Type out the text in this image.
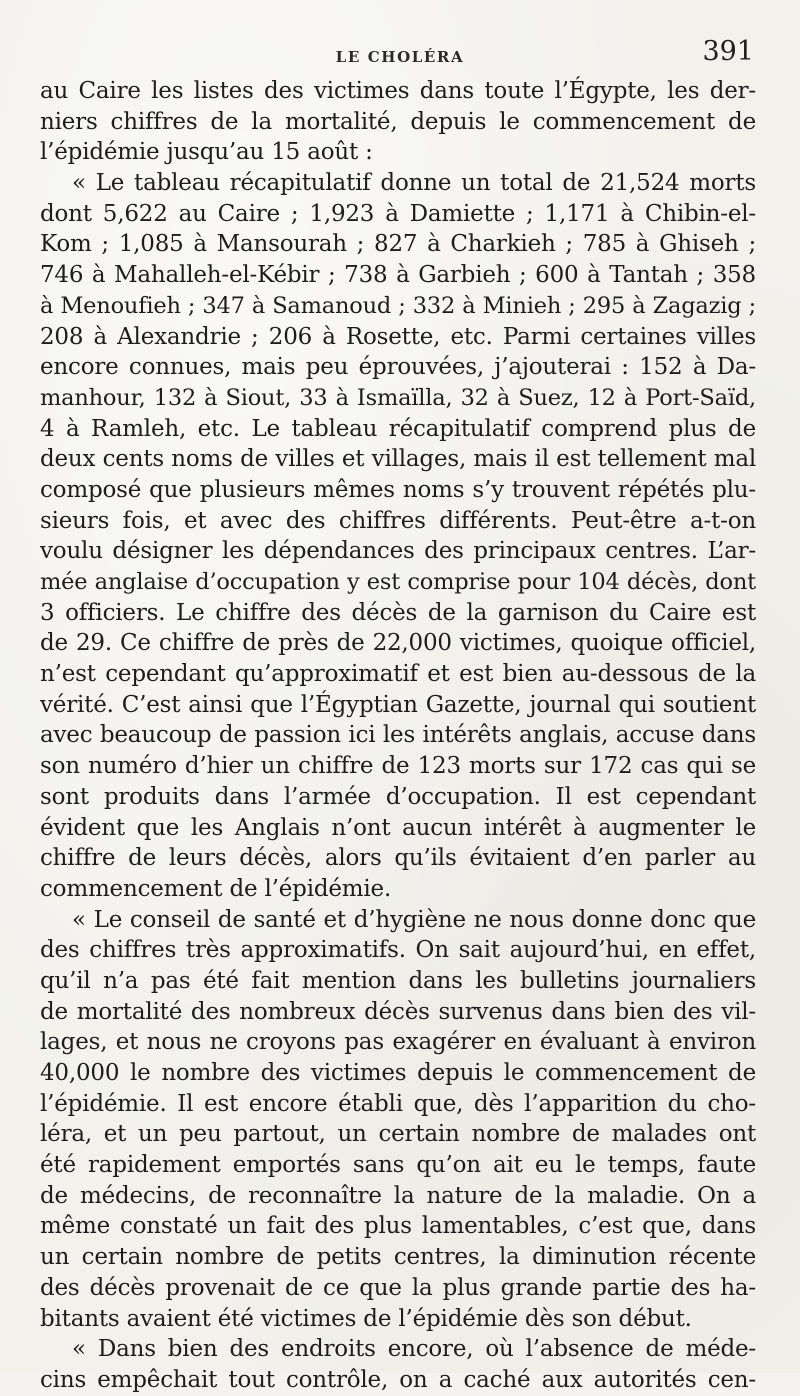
LE CHOLÉRA	391
au Caire les listes des victimes dans toute l’Égypte, les der-
niers chiffres de la mortalité, depuis le commencement de
l’épidémie jusqu’au 15 août :
« Le tableau récapitulatif donne un total de 21,524 morts
dont 5,622 au Caire ; 1,923 à Damiette ; 1,171 à Chibin-el-
Kom ; 1,085 à Mansourah ; 827 à Charkieh ; 785 à Ghiseh ;
746 à Mahalleh-el-Kébir ; 738 à Garbieh ; 600 à Tantah ; 358
à Menoufieh ; 347 à Samanoud ; 332 à Minieh ; 295 à Zagazig ;
208 à Alexandrie ; 206 à Rosette, etc. Parmi certaines villes
encore connues, mais peu éprouvées, j’ajouterai : 152 à Da-
manhour, 132 à Siout, 33 à Ismaïlla, 32 à Suez, 12 à Port-Saïd,
4 à Ramleh, etc. Le tableau récapitulatif comprend plus de
deux cents noms de villes et villages, mais il est tellement mal
composé que plusieurs mêmes noms s’y trouvent répétés plu-
sieurs fois, et avec des chiffres différents. Peut-être a-t-on
voulu désigner les dépendances des principaux centres. L’ar-
mée anglaise d’occupation y est comprise pour 104 décès, dont
3 officiers. Le chiffre des décès de la garnison du Caire est
de 29. Ce chiffre de près de 22,000 victimes, quoique officiel,
n’est cependant qu’approximatif et est bien au-dessous de la
vérité. C’est ainsi que l’Égyptian Gazette, journal qui soutient
avec beaucoup de passion ici les intérêts anglais, accuse dans
son numéro d’hier un chiffre de 123 morts sur 172 cas qui se
sont produits dans l’armée d’occupation. Il est cependant
évident que les Anglais n’ont aucun intérêt à augmenter le
chiffre de leurs décès, alors qu’ils évitaient d’en parler au
commencement de l’épidémie.
« Le conseil de santé et d’hygiène ne nous donne donc que
des chiffres très approximatifs. On sait aujourd’hui, en effet,
qu’il n’a pas été fait mention dans les bulletins journaliers
de mortalité des nombreux décès survenus dans bien des vil-
lages, et nous ne croyons pas exagérer en évaluant à environ
40,000 le nombre des victimes depuis le commencement de
l’épidémie. Il est encore établi que, dès l’apparition du cho-
léra, et un peu partout, un certain nombre de malades ont
été rapidement emportés sans qu’on ait eu le temps, faute
de médecins, de reconnaître la nature de la maladie. On a
même constaté un fait des plus lamentables, c’est que, dans
un certain nombre de petits centres, la diminution récente
des décès provenait de ce que la plus grande partie des ha-
bitants avaient été victimes de l’épidémie dès son début.
« Dans bien des endroits encore, où l’absence de méde-
cins empêchait tout contrôle, on a caché aux autorités cen-
